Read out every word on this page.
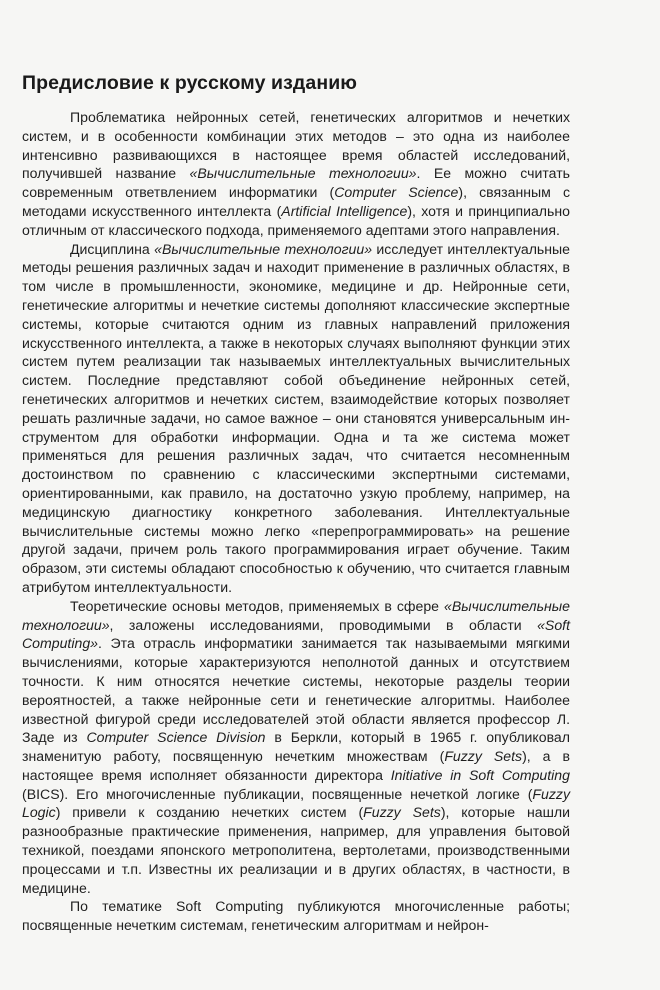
Предисловие к русскому изданию

Проблематика нейронных сетей, генетических алгоритмов и нечетких систем, и в особенности комбинации этих методов – это одна из наиболее интенсивно развивающихся в настоящее время областей исследований, получившей название «Вычислительные технологии». Ее можно считать современным ответвлением информатики (Computer Science), связанным с методами искусственного интеллекта (Artificial Intelligence), хотя и принципиально отличным от классического подхода, применяемого адептами этого направления.

Дисциплина «Вычислительные технологии» исследует интеллектуальные методы решения различных задач и находит применение в различных областях, в том числе в промышленности, экономике, медицине и др. Нейронные сети, генетические алгоритмы и нечеткие системы дополняют классические экспертные системы, которые считаются одним из главных направлений приложения искусственного интеллекта, а также в некоторых случаях выполняют функции этих систем путем реализации так называемых интеллектуальных вычислительных систем. Последние представляют собой объединение нейронных сетей, генетических алгоритмов и нечетких систем, взаимодействие которых позволяет решать различные задачи, но самое важное – они становятся универсальным инструментом для обработки информации. Одна и та же система может применяться для решения различных задач, что считается несомненным достоинством по сравнению с классическими экспертными системами, ориентированными, как правило, на достаточно узкую проблему, например, на медицинскую диагностику конкретного заболевания. Интеллектуальные вычислительные системы можно легко «перепрограммировать» на решение другой задачи, причем роль такого программирования играет обучение. Таким образом, эти системы обладают способностью к обучению, что считается главным атрибутом интеллектуальности.

Теоретические основы методов, применяемых в сфере «Вычислительные технологии», заложены исследованиями, проводимыми в области «Soft Computing». Эта отрасль информатики занимается так называемыми мягкими вычислениями, которые характеризуются неполнотой данных и отсутствием точности. К ним относятся нечеткие системы, некоторые разделы теории вероятностей, а также нейронные сети и генетические алгоритмы. Наиболее известной фигурой среди исследователей этой области является профессор Л. Заде из Computer Science Division в Беркли, который в 1965 г. опубликовал знаменитую работу, посвященную нечетким множествам (Fuzzy Sets), а в настоящее время исполняет обязанности директора Initiative in Soft Computing (BICS). Его многочисленные публикации, посвященные нечеткой логике (Fuzzy Logic) привели к созданию нечетких систем (Fuzzy Sets), которые нашли разнообразные практические применения, например, для управления бытовой техникой, поездами японского метрополитена, вертолетами, производственными процессами и т.п. Известны их реализации и в других областях, в частности, в медицине.

По тематике Soft Computing публикуются многочисленные работы; посвященные нечетким системам, генетическим алгоритмам и нейрон-
